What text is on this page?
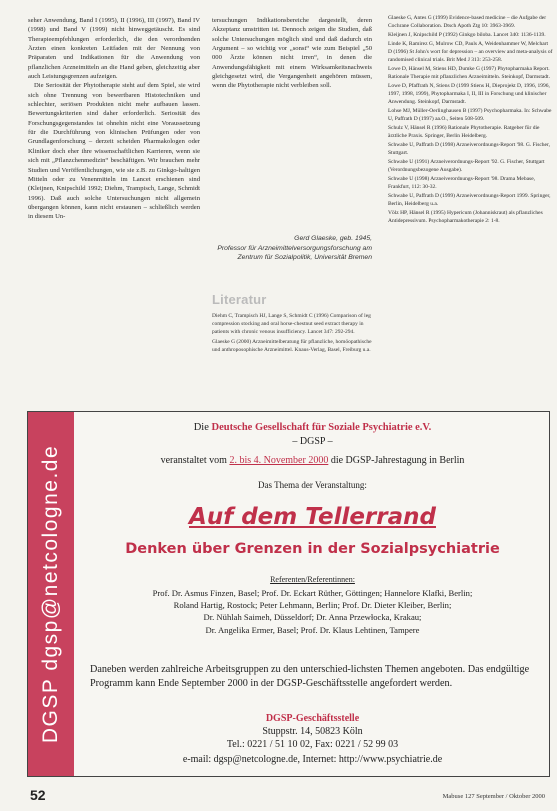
seher Anwendung, Band I (1995), II (1996), III (1997), Band IV (1998) und Band V (1999) nicht hinweggetäuscht. Es sind Therapieempfehlungen erforderlich, die den verordnenden Ärzten einen konkreten Leitfaden mit der Nennung von Präparaten und Indikationen für die Anwendung von pflanzlichen Arzneimitteln an die Hand geben, gleichzeitig aber auch Leistungsgrenzen aufzeigen.

Die Seriosität der Phytotherapie steht auf dem Spiel, sie wird sich ohne Trennung von bewertbaren Histotechniken und schlechter, seriösen Produkten nicht mehr aufbauen lassen. Bewertungskriterien sind daher erforderlich. Seriosität des Forschungsgegenstandes ist ohnehin nicht eine Voraussetzung für die Durchführung von klinischen Prüfungen oder von Grundlagenforschung – derzeit scheiden Pharmakologen oder Kliniker doch eher ihre wissenschaftlichen Karrieren, wenn sie sich mit „Pflanzchenmedizin“ beschäftigen. Wir brauchen mehr Studien und Veröffentlichungen, wie sie z.B. zu Ginkgo-haltigen Mitteln oder zu Venenmitteln im Lancet erschienen sind (Kleijnen, Knipschild 1992; Diehm, Trampisch, Lange, Schmidt 1996). Daß auch solche Untersuchungen nicht allgemein übergangen können, kann nicht erstaunen – schließlich werden in diesem Un-

tersuchungen Indikationsbereiche dargestellt, deren Akzeptanz umstritten ist. Dennoch zeigen die Studien, daß solche Untersuchungen möglich sind und daß dadurch ein Argument – so wichtig vor „sonst“ wie zum Beispiel „50 000 Ärzte können nicht irren“, in denen die Anwendungsfähigkeit mit einem Wirksamkeitsnachweis gleichgesetzt wird, die Vergangenheit angehören müssen, wenn die Phytotherapie nicht verbleiben soll.

Gerd Glaeske, geb. 1945,
Professor für Arzneimittelversorgungsforschung am Zentrum für Sozialpolitik, Universität Bremen
Literatur
Diehm C, Trampisch HJ, Lange S, Schmidt C (1996) Comparison of leg compression stocking and oral horse-chestnut seed extract therapy in patients with chronic venous insufficiency. Lancet 347: 292-294.
Glaeske G (2000) Arzneimittelberatung für pflanzliche, homöopathische und anthroposophische Arzneimittel. Knaus-Verlag, Basel, Freiburg u.a.
Glaeske G, Antes G (1999) Evidence-based medicine – die Aufgabe der Cochrane Collaboration. Dtsch Apoth Ztg 10: 3963-3969.
Kleijnen J, Knipschild P (1992) Ginkgo biloba. Lancet 340: 1136-1139.
Linde K, Ramirez G, Mulrow CD, Pauls A, Weidenhammer W, Melchart D (1996) St John's wort for depression – an overview and meta-analysis of randomised clinical trials. Brit Med J 313: 253-258.
Lowe D, Hänsel M, Stiens HD, Dumke G (1997) Phytopharmaka Report. Rationale Therapie mit pflanzlichen Arzneimitteln. Steinkopf, Darmstadt.
Lowe D, Pfaffrath N, Stiens D (1999 Stiens H, Dieprojekt D, 1996, 1996, 1997, 1998, 1999), Phytopharmaka I, II, III in Forschung und klinischer Anwendung. Steinkopf, Darmstadt.
Lohse MJ, Müller-Oerlinghausen B (1997) Psychopharmaka. In: Schwabe U, Paffrath D (1997) aa.O., Seiten 508-509.
Schulz V, Hänsel R (1996) Rationale Phytotherapie. Ratgeber für die ärztliche Praxis. Springer, Berlin Heidelberg.
Schwabe U, Paffrath D (1998) Arzneiverordnungs-Report '98. G. Fischer, Stuttgart.
Schwabe U (1991) Arzneiverordnungs-Report '92. G. Fischer, Stuttgart (Verordnungsbezogene Ausgabe).
Schwabe U (1998) Arzneiverordnungs-Report '98. Drama Mebase, Frankfurt, 112: 30-32.
Schwabe U, Paffrath D (1999) Arzneiverordnungs-Report 1999. Springer, Berlin, Heidelberg u.a.
Völz HP, Hänsel R (1995) Hypericum (Johanniskraut) als pflanzliches Antidepressivum. Psychopharmakotherapie 2: 1-8.
DGSP dgsp@netcologne.de
Die Deutsche Gesellschaft für Soziale Psychiatrie e.V.
– DGSP –
veranstaltet vom 2. bis 4. November 2000 die DGSP-Jahrestagung in Berlin
Das Thema der Veranstaltung:
Auf dem Tellerrand
Denken über Grenzen in der Sozialpsychiatrie
Referenten/Referentinnen:
Prof. Dr. Asmus Finzen, Basel; Prof. Dr. Eckart Rüther, Göttingen; Hannelore Klafki, Berlin;
Roland Hartig, Rostock; Peter Lehmann, Berlin; Prof. Dr. Dieter Kleiber, Berlin;
Dr. Nühlah Saimeh, Düsseldorf; Dr. Anna Przewłocka, Krakau;
Dr. Angelika Ermer, Basel; Prof. Dr. Klaus Lehtinen, Tampere
Daneben werden zahlreiche Arbeitsgruppen zu den unterschied-lichsten Themen angeboten. Das endgültige Programm kann Ende September 2000 in der DGSP-Geschäftsstelle angefordert werden.
DGSP-Geschäftsstelle
Stuppstr. 14, 50823 Köln
Tel.: 0221 / 51 10 02, Fax: 0221 / 52 99 03
e-mail: dgsp@netcologne.de, Internet: http://www.psychiatrie.de
52	Mabuse 127 September / Oktober 2000
